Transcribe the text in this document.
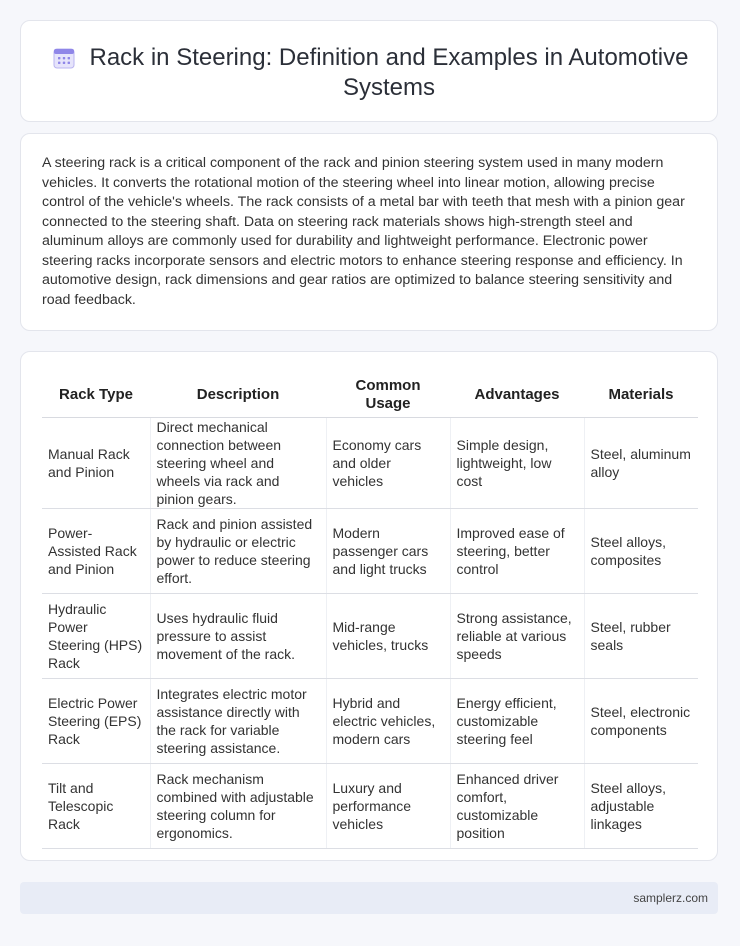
Rack in Steering: Definition and Examples in Automotive Systems

A steering rack is a critical component of the rack and pinion steering system used in many modern vehicles. It converts the rotational motion of the steering wheel into linear motion, allowing precise control of the vehicle's wheels. The rack consists of a metal bar with teeth that mesh with a pinion gear connected to the steering shaft. Data on steering rack materials shows high-strength steel and aluminum alloys are commonly used for durability and lightweight performance. Electronic power steering racks incorporate sensors and electric motors to enhance steering response and efficiency. In automotive design, rack dimensions and gear ratios are optimized to balance steering sensitivity and road feedback.

Rack Type	Description	Common Usage	Advantages	Materials
Manual Rack and Pinion	Direct mechanical connection between steering wheel and wheels via rack and pinion gears.	Economy cars and older vehicles	Simple design, lightweight, low cost	Steel, aluminum alloy
Power-Assisted Rack and Pinion	Rack and pinion assisted by hydraulic or electric power to reduce steering effort.	Modern passenger cars and light trucks	Improved ease of steering, better control	Steel alloys, composites
Hydraulic Power Steering (HPS) Rack	Uses hydraulic fluid pressure to assist movement of the rack.	Mid-range vehicles, trucks	Strong assistance, reliable at various speeds	Steel, rubber seals
Electric Power Steering (EPS) Rack	Integrates electric motor assistance directly with the rack for variable steering assistance.	Hybrid and electric vehicles, modern cars	Energy efficient, customizable steering feel	Steel, electronic components
Tilt and Telescopic Rack	Rack mechanism combined with adjustable steering column for ergonomics.	Luxury and performance vehicles	Enhanced driver comfort, customizable position	Steel alloys, adjustable linkages
samplerz.com
